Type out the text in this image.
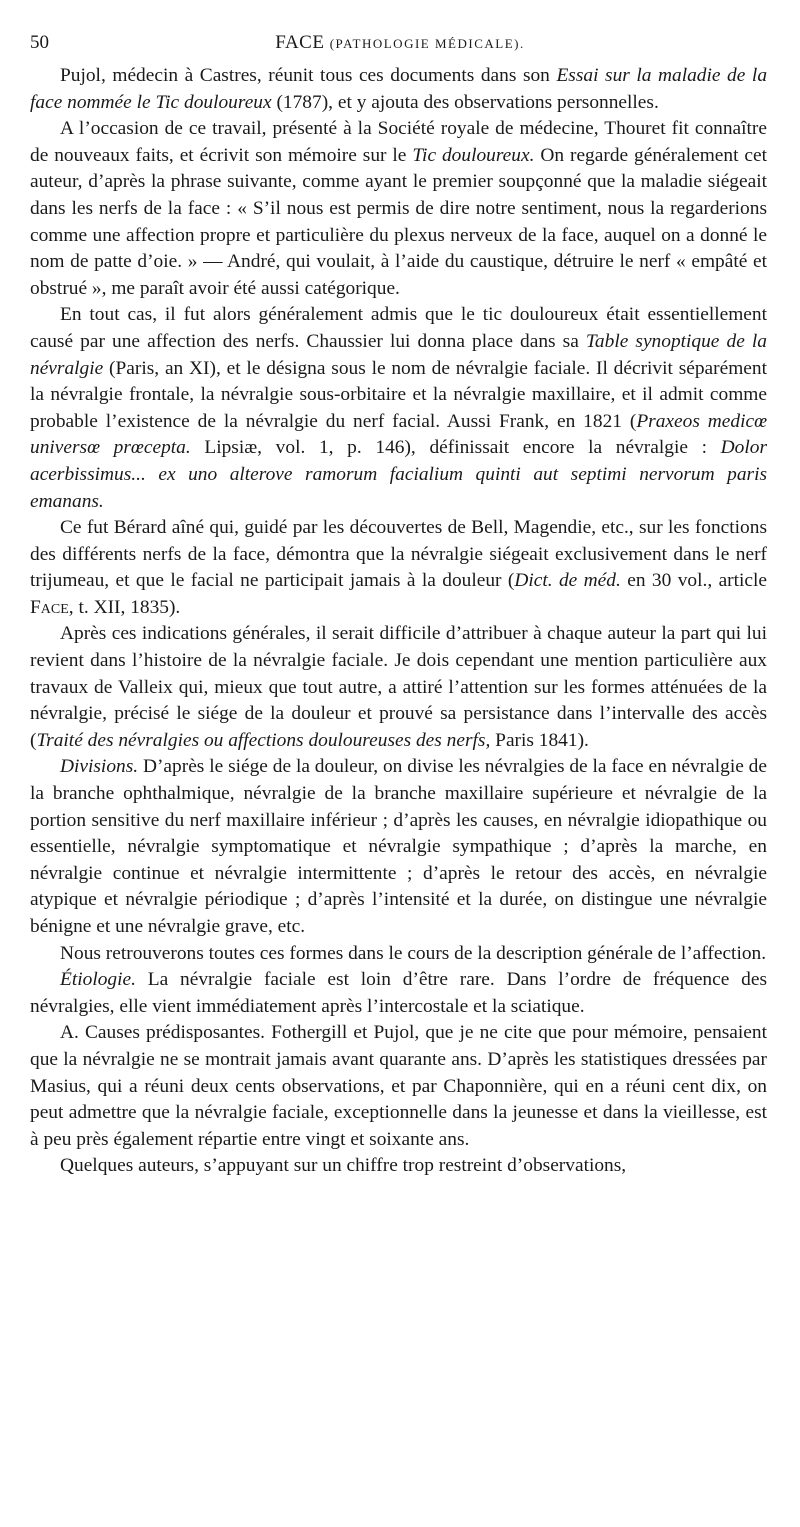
50	FACE (PATHOLOGIE MÉDICALE).

Pujol, médecin à Castres, réunit tous ces documents dans son Essai sur la maladie de la face nommée le Tic douloureux (1787), et y ajouta des observations personnelles.

A l’occasion de ce travail, présenté à la Société royale de médecine, Thouret fit connaître de nouveaux faits, et écrivit son mémoire sur le Tic douloureux. On regarde généralement cet auteur, d’après la phrase suivante, comme ayant le premier soupçonné que la maladie siégeait dans les nerfs de la face : « S’il nous est permis de dire notre sentiment, nous la regarderions comme une affection propre et particulière du plexus nerveux de la face, auquel on a donné le nom de patte d’oie. » — André, qui voulait, à l’aide du caustique, détruire le nerf « empâté et obstrué », me paraît avoir été aussi catégorique.

En tout cas, il fut alors généralement admis que le tic douloureux était essentiellement causé par une affection des nerfs. Chaussier lui donna place dans sa Table synoptique de la névralgie (Paris, an XI), et le désigna sous le nom de névralgie faciale. Il décrivit séparément la névralgie frontale, la névralgie sous-orbitaire et la névralgie maxillaire, et il admit comme probable l’existence de la névralgie du nerf facial. Aussi Frank, en 1821 (Praxeos medicœ universœ prœcepta. Lipsiæ, vol. 1, p. 146), définissait encore la névralgie : Dolor acerbissimus... ex uno alterove ramorum facialium quinti aut septimi nervorum paris emanans.

Ce fut Bérard aîné qui, guidé par les découvertes de Bell, Magendie, etc., sur les fonctions des différents nerfs de la face, démontra que la névralgie siégeait exclusivement dans le nerf trijumeau, et que le facial ne participait jamais à la douleur (Dict. de méd. en 30 vol., article Face, t. XII, 1835).

Après ces indications générales, il serait difficile d’attribuer à chaque auteur la part qui lui revient dans l’histoire de la névralgie faciale. Je dois cependant une mention particulière aux travaux de Valleix qui, mieux que tout autre, a attiré l’attention sur les formes atténuées de la névralgie, précisé le siége de la douleur et prouvé sa persistance dans l’intervalle des accès (Traité des névralgies ou affections douloureuses des nerfs, Paris 1841).

Divisions. D’après le siége de la douleur, on divise les névralgies de la face en névralgie de la branche ophthalmique, névralgie de la branche maxillaire supérieure et névralgie de la portion sensitive du nerf maxillaire inférieur ; d’après les causes, en névralgie idiopathique ou essentielle, névralgie symptomatique et névralgie sympathique ; d’après la marche, en névralgie continue et névralgie intermittente ; d’après le retour des accès, en névralgie atypique et névralgie périodique ; d’après l’intensité et la durée, on distingue une névralgie bénigne et une névralgie grave, etc.

Nous retrouverons toutes ces formes dans le cours de la description générale de l’affection.

Étiologie. La névralgie faciale est loin d’être rare. Dans l’ordre de fréquence des névralgies, elle vient immédiatement après l’intercostale et la sciatique.

A. Causes prédisposantes. Fothergill et Pujol, que je ne cite que pour mémoire, pensaient que la névralgie ne se montrait jamais avant quarante ans. D’après les statistiques dressées par Masius, qui a réuni deux cents observations, et par Chaponnière, qui en a réuni cent dix, on peut admettre que la névralgie faciale, exceptionnelle dans la jeunesse et dans la vieillesse, est à peu près également répartie entre vingt et soixante ans.

Quelques auteurs, s’appuyant sur un chiffre trop restreint d’observations,
